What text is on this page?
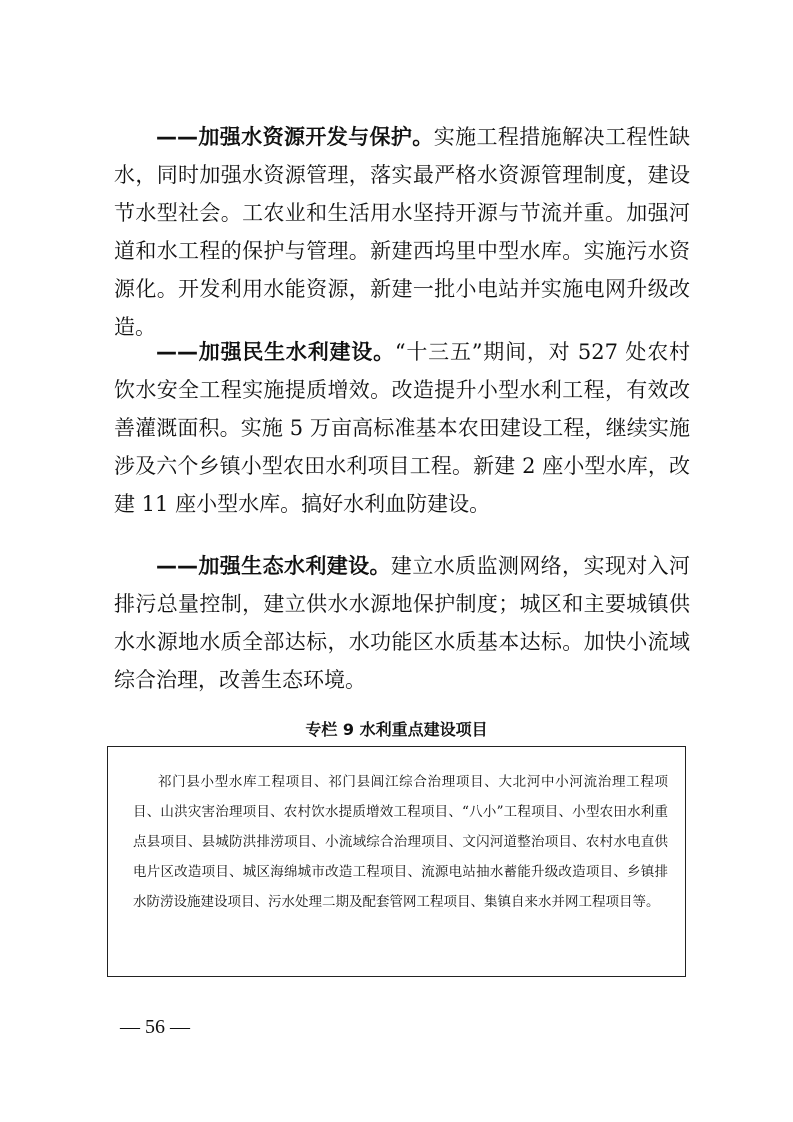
——加强水资源开发与保护。实施工程措施解决工程性缺水，同时加强水资源管理，落实最严格水资源管理制度，建设节水型社会。工农业和生活用水坚持开源与节流并重。加强河道和水工程的保护与管理。新建西坞里中型水库。实施污水资源化。开发利用水能资源，新建一批小电站并实施电网升级改造。

——加强民生水利建设。“十三五”期间，对 527 处农村饮水安全工程实施提质增效。改造提升小型水利工程，有效改善灌溉面积。实施 5 万亩高标准基本农田建设工程，继续实施涉及六个乡镇小型农田水利项目工程。新建 2 座小型水库，改建 11 座小型水库。搞好水利血防建设。

——加强生态水利建设。建立水质监测网络，实现对入河排污总量控制，建立供水水源地保护制度；城区和主要城镇供水水源地水质全部达标，水功能区水质基本达标。加快小流域综合治理，改善生态环境。

专栏 9 水利重点建设项目

祁门县小型水库工程项目、祁门县阊江综合治理项目、大北河中小河流治理工程项目、山洪灾害治理项目、农村饮水提质增效工程项目、“八小”工程项目、小型农田水利重点县项目、县城防洪排涝项目、小流域综合治理项目、文闪河道整治项目、农村水电直供电片区改造项目、城区海绵城市改造工程项目、流源电站抽水蓄能升级改造项目、乡镇排水防涝设施建设项目、污水处理二期及配套管网工程项目、集镇自来水并网工程项目等。

— 56 —
